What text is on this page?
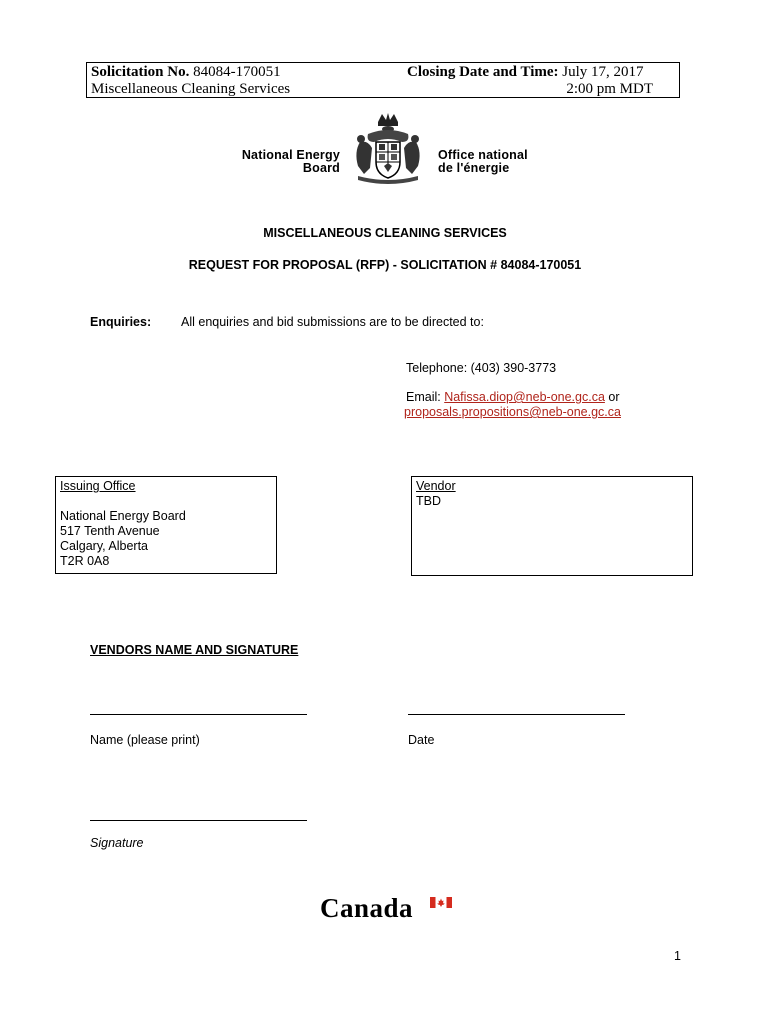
Solicitation No. 84084-170051
Miscellaneous Cleaning Services
Closing Date and Time: July 17, 2017
2:00 pm MDT
National Energy
Board
Office national
de l'énergie
MISCELLANEOUS CLEANING SERVICES
REQUEST FOR PROPOSAL (RFP) - SOLICITATION # 84084-170051
Enquiries: All enquiries and bid submissions are to be directed to:
Telephone: (403) 390-3773
Email: Nafissa.diop@neb-one.gc.ca or
proposals.propositions@neb-one.gc.ca
Issuing Office
National Energy Board
517 Tenth Avenue
Calgary, Alberta
T2R 0A8
Vendor
TBD
VENDORS NAME AND SIGNATURE
Name (please print)	Date
Signature
Canada
1
